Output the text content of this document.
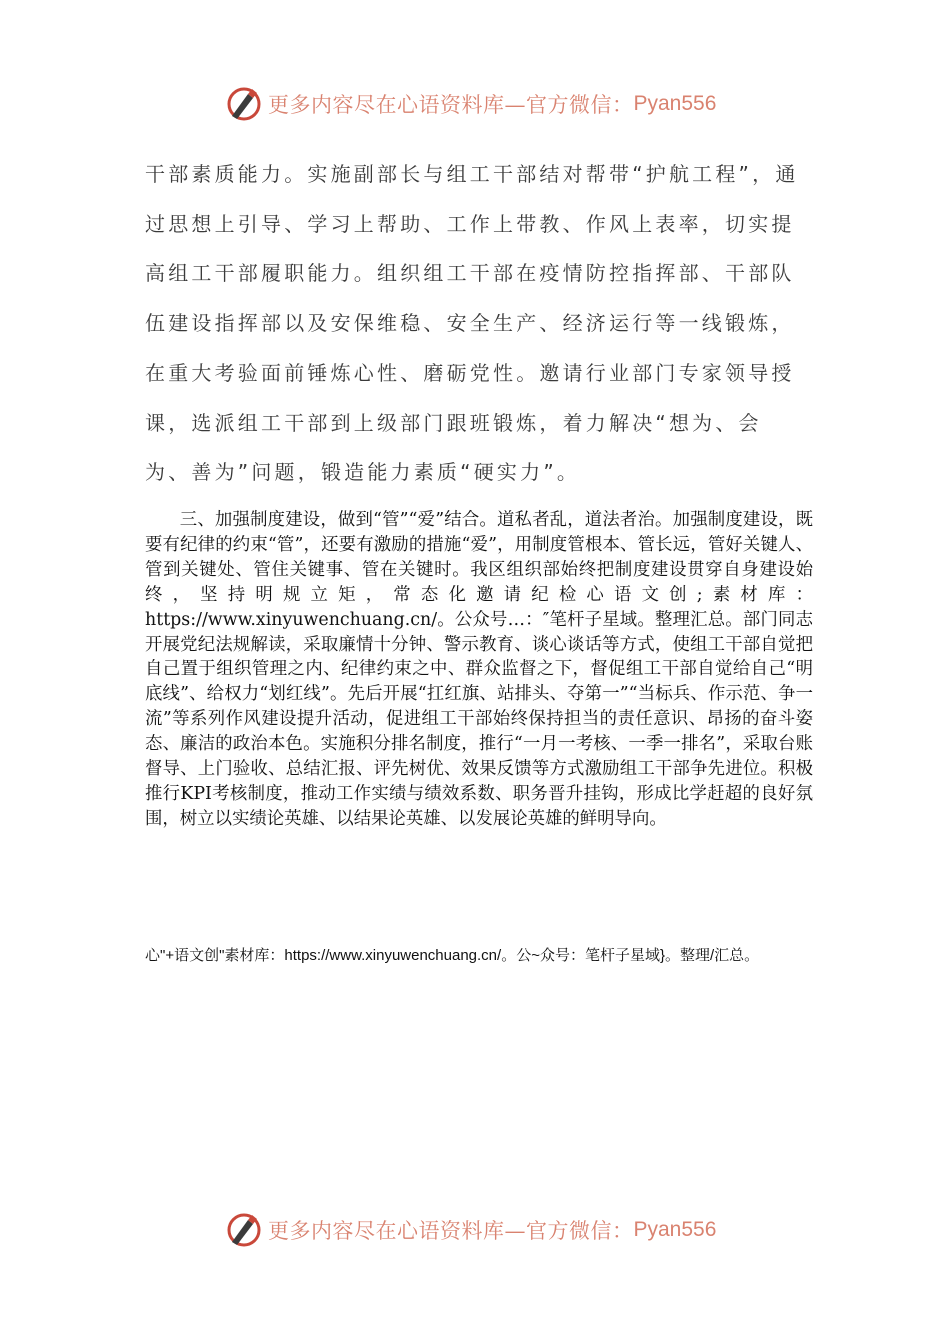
更多内容尽在心语资料库—官方微信： Pyan556

干部素质能力。实施副部长与组工干部结对帮带“护航工程”，通过思想上引导、学习上帮助、工作上带教、作风上表率，切实提高组工干部履职能力。组织组工干部在疫情防控指挥部、干部队伍建设指挥部以及安保维稳、安全生产、经济运行等一线锻炼，在重大考验面前锤炼心性、磨砺党性。邀请行业部门专家领导授课，选派组工干部到上级部门跟班锻炼，着力解决“想为、会为、善为”问题，锻造能力素质“硬实力”。

三、加强制度建设，做到“管”“爱”结合。道私者乱，道法者治。加强制度建设，既要有纪律的约束“管”，还要有激励的措施“爱”，用制度管根本、管长远，管好关键人、管到关键处、管住关键事、管在关键时。我区组织部始终把制度建设贯穿自身建设始终，坚持明规立矩，常态化邀请纪检心语文创;素材库：https://www.xinyuwenchuang.cn/。公众号…：″笔杆子星域。整理汇总。部门同志开展党纪法规解读，采取廉情十分钟、警示教育、谈心谈话等方式，使组工干部自觉把自己置于组织管理之内、纪律约束之中、群众监督之下，督促组工干部自觉给自己“明底线”、给权力“划红线”。先后开展“扛红旗、站排头、夺第一”“当标兵、作示范、争一流”等系列作风建设提升活动，促进组工干部始终保持担当的责任意识、昂扬的奋斗姿态、廉洁的政治本色。实施积分排名制度，推行“一月一考核、一季一排名”，采取台账督导、上门验收、总结汇报、评先树优、效果反馈等方式激励组工干部争先进位。积极推行KPI考核制度，推动工作实绩与绩效系数、职务晋升挂钩，形成比学赶超的良好氛围，树立以实绩论英雄、以结果论英雄、以发展论英雄的鲜明导向。

心"+语文创"素材库：https://www.xinyuwenchuang.cn/。公~众号：笔杆子星域}。整理/汇总。

更多内容尽在心语资料库—官方微信： Pyan556
